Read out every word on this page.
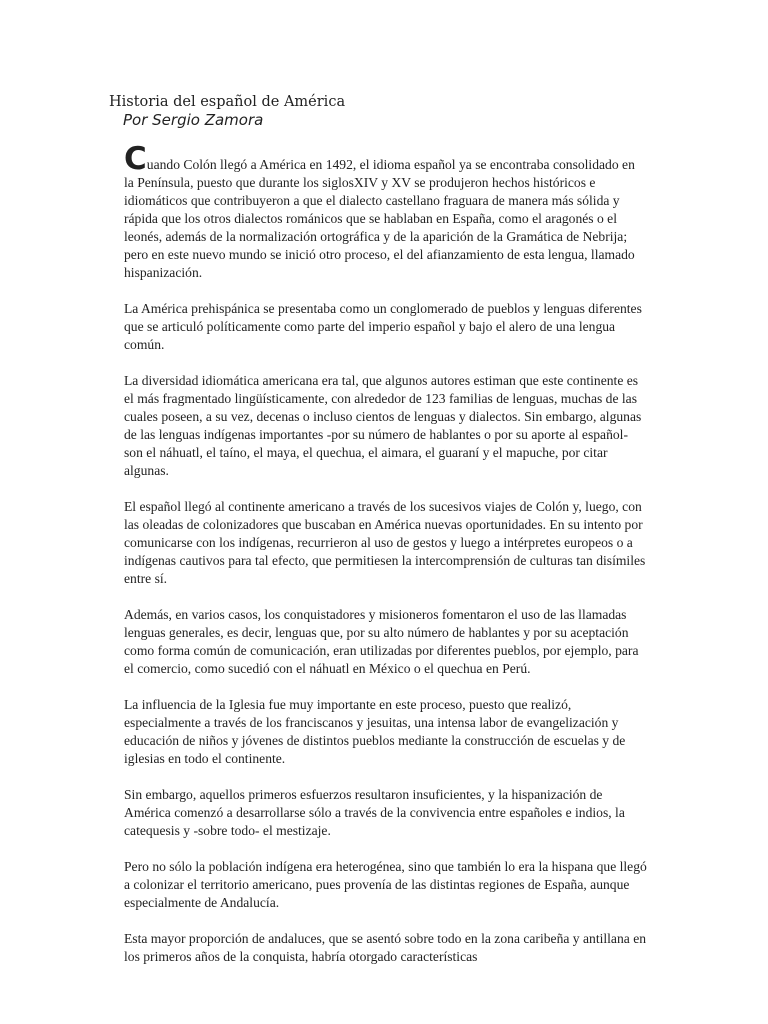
Historia del español de América
Por Sergio Zamora

Cuando Colón llegó a América en 1492, el idioma español ya se encontraba consolidado en la Península, puesto que durante los siglosXIV y XV se produjeron hechos históricos e idiomáticos que contribuyeron a que el dialecto castellano fraguara de manera más sólida y rápida que los otros dialectos románicos que se hablaban en España, como el aragonés o el leonés, además de la normalización ortográfica y de la aparición de la Gramática de Nebrija; pero en este nuevo mundo se inició otro proceso, el del afianzamiento de esta lengua, llamado hispanización.

La América prehispánica se presentaba como un conglomerado de pueblos y lenguas diferentes que se articuló políticamente como parte del imperio español y bajo el alero de una lengua común.

La diversidad idiomática americana era tal, que algunos autores estiman que este continente es el más fragmentado lingüísticamente, con alrededor de 123 familias de lenguas, muchas de las cuales poseen, a su vez, decenas o incluso cientos de lenguas y dialectos. Sin embargo, algunas de las lenguas indígenas importantes -por su número de hablantes o por su aporte al español- son el náhuatl, el taíno, el maya, el quechua, el aimara, el guaraní y el mapuche, por citar algunas.

El español llegó al continente americano a través de los sucesivos viajes de Colón y, luego, con las oleadas de colonizadores que buscaban en América nuevas oportunidades. En su intento por comunicarse con los indígenas, recurrieron al uso de gestos y luego a intérpretes europeos o a indígenas cautivos para tal efecto, que permitiesen la intercomprensión de culturas tan disímiles entre sí.

Además, en varios casos, los conquistadores y misioneros fomentaron el uso de las llamadas lenguas generales, es decir, lenguas que, por su alto número de hablantes y por su aceptación como forma común de comunicación, eran utilizadas por diferentes pueblos, por ejemplo, para el comercio, como sucedió con el náhuatl en México o el quechua en Perú.

La influencia de la Iglesia fue muy importante en este proceso, puesto que realizó, especialmente a través de los franciscanos y jesuitas, una intensa labor de evangelización y educación de niños y jóvenes de distintos pueblos mediante la construcción de escuelas y de iglesias en todo el continente.

Sin embargo, aquellos primeros esfuerzos resultaron insuficientes, y la hispanización de América comenzó a desarrollarse sólo a través de la convivencia entre españoles e indios, la catequesis y -sobre todo- el mestizaje.

Pero no sólo la población indígena era heterogénea, sino que también lo era la hispana que llegó a colonizar el territorio americano, pues provenía de las distintas regiones de España, aunque especialmente de Andalucía.

Esta mayor proporción de andaluces, que se asentó sobre todo en la zona caribeña y antillana en los primeros años de la conquista, habría otorgado características
